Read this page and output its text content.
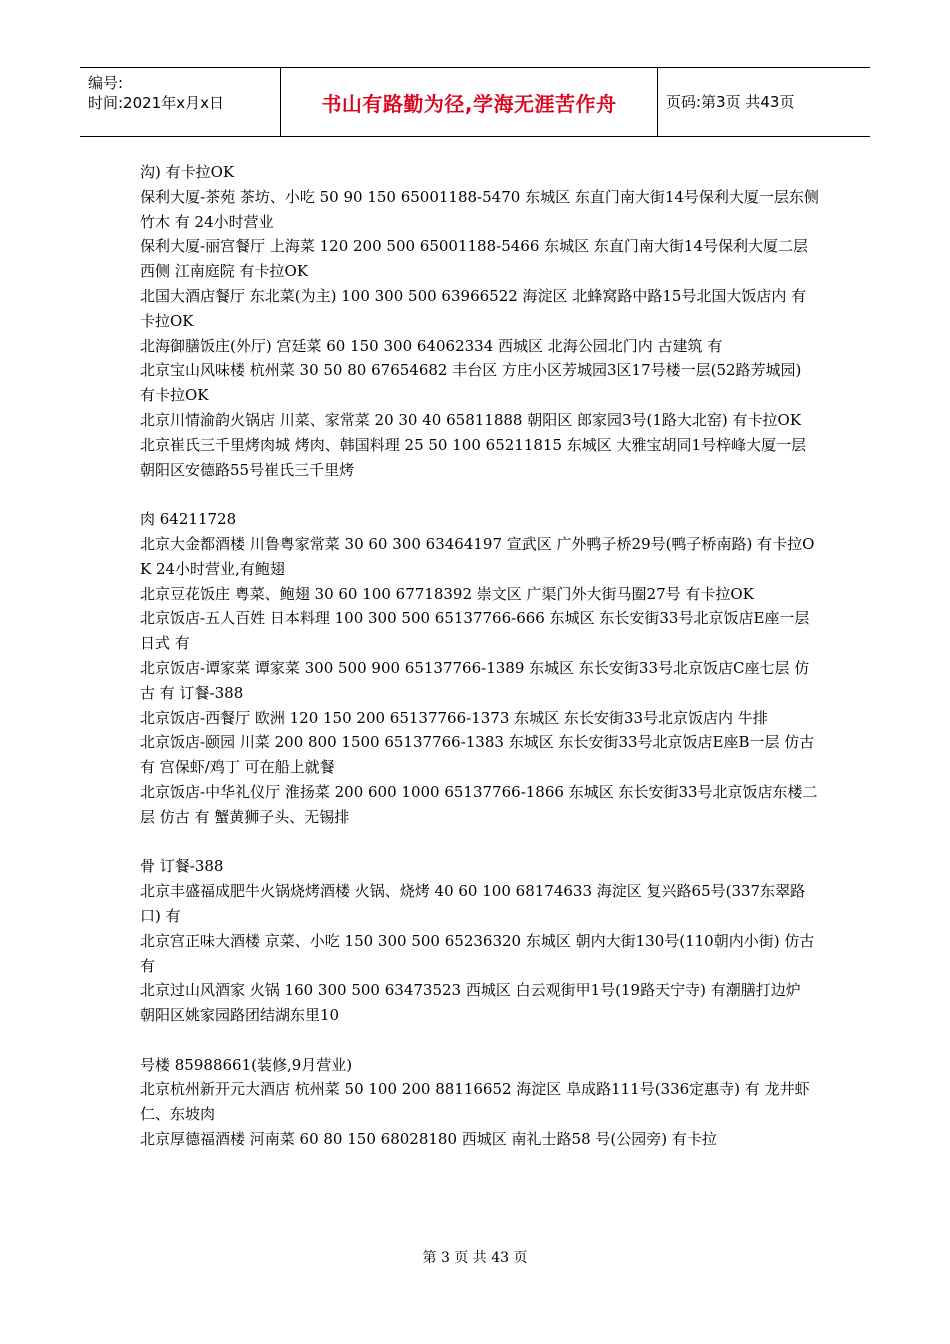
编号:
时间:2021年x月x日	书山有路勤为径,学海无涯苦作舟	页码:第3页 共43页
沟) 有卡拉OK
保利大厦-茶苑 茶坊、小吃 50 90 150 65001188-5470 东城区 东直门南大街14号保利大厦一层东侧 竹木 有 24小时营业
保利大厦-丽宫餐厅 上海菜 120 200 500 65001188-5466 东城区 东直门南大街14号保利大厦二层西侧 江南庭院 有卡拉OK
北国大酒店餐厅 东北菜(为主) 100 300 500 63966522 海淀区 北蜂窝路中路15号北国大饭店内 有卡拉OK
北海御膳饭庄(外厅) 宫廷菜 60 150 300 64062334 西城区 北海公园北门内 古建筑 有
北京宝山风味楼 杭州菜 30 50 80 67654682 丰台区 方庄小区芳城园3区17号楼一层(52路芳城园) 有卡拉OK
北京川情渝韵火锅店 川菜、家常菜 20 30 40 65811888 朝阳区 郎家园3号(1路大北窑) 有卡拉OK
北京崔氏三千里烤肉城 烤肉、韩国料理 25 50 100 65211815 东城区 大雅宝胡同1号梓峰大厦一层 朝阳区安德路55号崔氏三千里烤
肉 64211728
北京大金都酒楼 川鲁粤家常菜 30 60 300 63464197 宣武区 广外鸭子桥29号(鸭子桥南路) 有卡拉OK 24小时营业,有鲍翅
北京豆花饭庄 粤菜、鲍翅 30 60 100 67718392 崇文区 广渠门外大街马圈27号 有卡拉OK
北京饭店-五人百姓 日本料理 100 300 500 65137766-666 东城区 东长安街33号北京饭店E座一层 日式 有
北京饭店-谭家菜 谭家菜 300 500 900 65137766-1389 东城区 东长安街33号北京饭店C座七层 仿古 有 订餐-388
北京饭店-西餐厅 欧洲 120 150 200 65137766-1373 东城区 东长安街33号北京饭店内 牛排
北京饭店-颐园 川菜 200 800 1500 65137766-1383 东城区 东长安街33号北京饭店E座B一层 仿古 有 宫保虾/鸡丁 可在船上就餐
北京饭店-中华礼仪厅 淮扬菜 200 600 1000 65137766-1866 东城区 东长安街33号北京饭店东楼二层 仿古 有 蟹黄狮子头、无锡排
骨 订餐-388
北京丰盛福成肥牛火锅烧烤酒楼 火锅、烧烤 40 60 100 68174633 海淀区 复兴路65号(337东翠路口) 有
北京宫正味大酒楼 京菜、小吃 150 300 500 65236320 东城区 朝内大街130号(110朝内小街) 仿古 有
北京过山风酒家 火锅 160 300 500 63473523 西城区 白云观街甲1号(19路天宁寺) 有潮膳打边炉 朝阳区姚家园路团结湖东里10
号楼 85988661(装修,9月营业)
北京杭州新开元大酒店 杭州菜 50 100 200 88116652 海淀区 阜成路111号(336定惠寺) 有 龙井虾仁、东坡肉
北京厚德福酒楼 河南菜 60 80 150 68028180 西城区 南礼士路58 号(公园旁) 有卡拉
第 3 页 共 43 页
